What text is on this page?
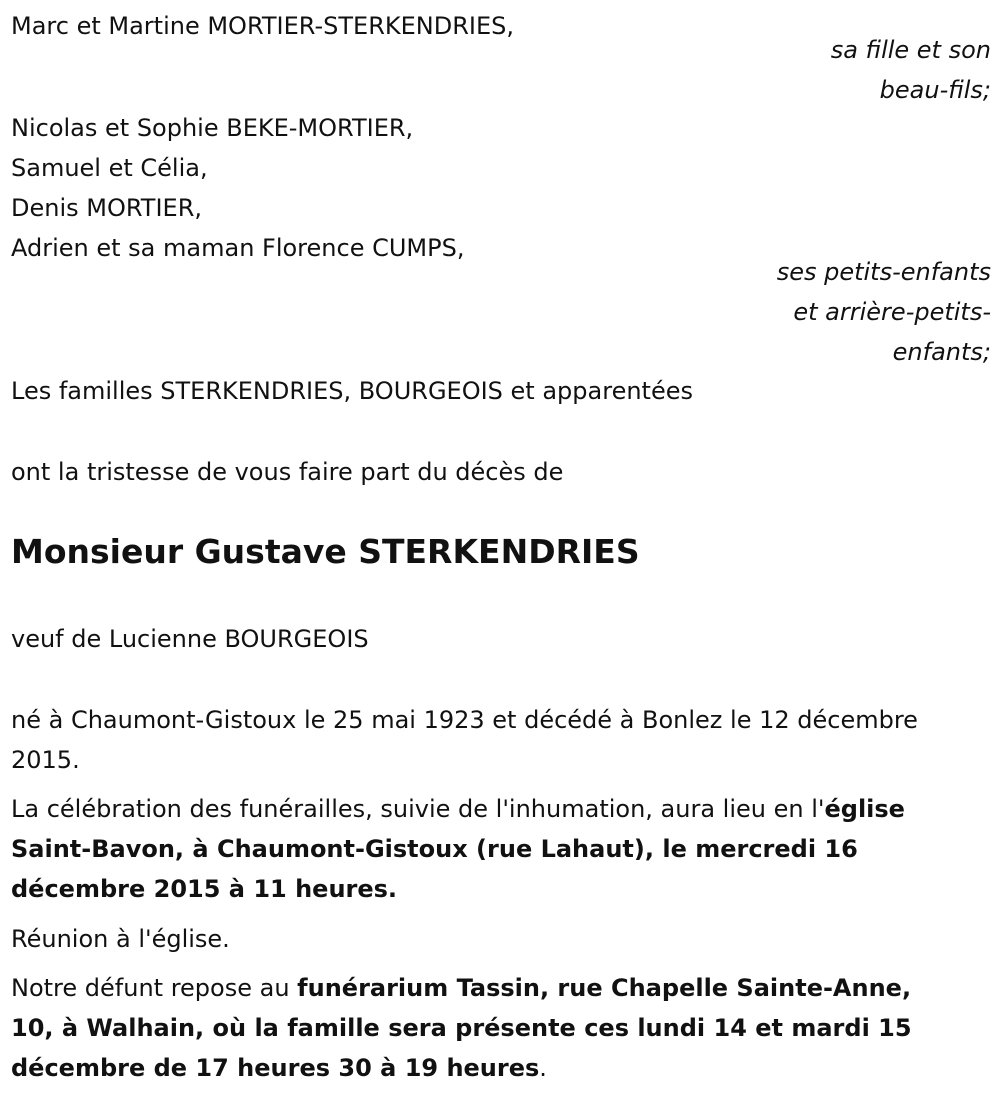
Marc et Martine MORTIER-STERKENDRIES,
sa fille et son
beau-fils;
Nicolas et Sophie BEKE-MORTIER,
Samuel et Célia,
Denis MORTIER,
Adrien et sa maman Florence CUMPS,
ses petits-enfants
et arrière-petits-
enfants;
Les familles STERKENDRIES, BOURGEOIS et apparentées
ont la tristesse de vous faire part du décès de
Monsieur Gustave STERKENDRIES
veuf de Lucienne BOURGEOIS
né à Chaumont-Gistoux le 25 mai 1923 et décédé à Bonlez le 12 décembre
2015.
La célébration des funérailles, suivie de l'inhumation, aura lieu en l'église
Saint-Bavon, à Chaumont-Gistoux (rue Lahaut), le mercredi 16
décembre 2015 à 11 heures.
Réunion à l'église.
Notre défunt repose au funérarium Tassin, rue Chapelle Sainte-Anne,
10, à Walhain, où la famille sera présente ces lundi 14 et mardi 15
décembre de 17 heures 30 à 19 heures.
